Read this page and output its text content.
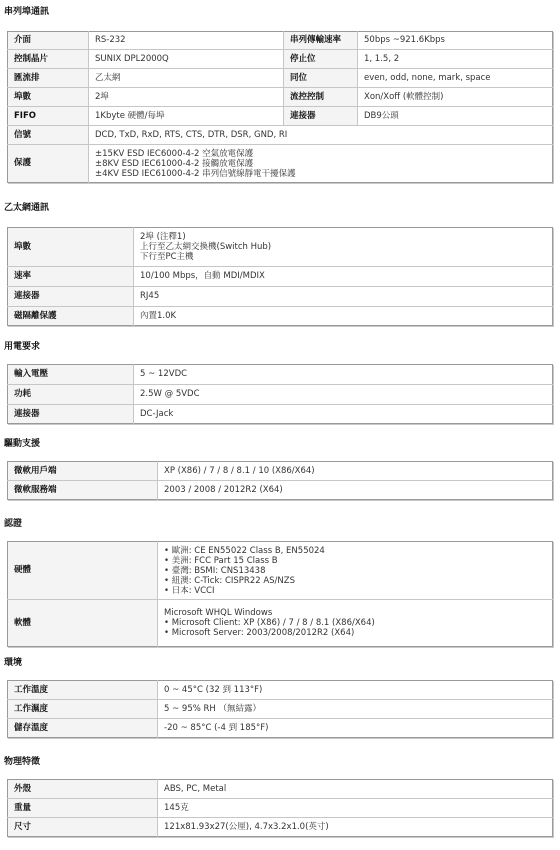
串列埠通訊
介面	RS-232	串列傳輸速率	50bps ~921.6Kbps
控制晶片	SUNIX DPL2000Q	停止位	1, 1.5, 2
匯流排	乙太網	同位	even, odd, none, mark, space
埠數	2埠	流控控制	Xon/Xoff (軟體控制)
FIFO	1Kbyte 硬體/每埠	連接器	DB9公頭
信號	DCD, TxD, RxD, RTS, CTS, DTR, DSR, GND, RI		
保護	±15KV ESD IEC6000-4-2 空氣放電保護
±8KV ESD IEC61000-4-2 接觸放電保護
±4KV ESD IEC61000-4-2 串列信號線靜電干擾保護		
乙太網通訊
埠數	2埠 (注釋1)
上行至乙太網交換機(Switch Hub)
下行至PC主機

速率	10/100 Mbps，自動 MDI/MDIX
連接器	RJ45
磁隔離保護	內置1.0K
用電要求
輸入電壓	5 ~ 12VDC
功耗	2.5W @ 5VDC
連接器	DC-Jack
驅動支援
微軟用戶端	XP (X86) / 7 / 8 / 8.1 / 10 (X86/X64)
微軟服務端	2003 / 2008 / 2012R2 (X64)
認證
硬體	• 歐洲: CE EN55022 Class B, EN55024
• 美洲: FCC Part 15 Class B
• 臺灣: BSMI: CNS13438
• 紐澳: C-Tick: CISPR22 AS/NZS
• 日本: VCCI

軟體	Microsoft WHQL Windows
• Microsoft Client: XP (X86) / 7 / 8 / 8.1 (X86/X64)
• Microsoft Server: 2003/2008/2012R2 (X64)
環境
工作溫度	0 ~ 45°C (32 到 113°F)
工作濕度	5 ~ 95% RH （無結露）
儲存溫度	-20 ~ 85°C (-4 到 185°F)
物理特徵
外殼	ABS, PC, Metal
重量	145克
尺寸	121x81.93x27(公厘), 4.7x3.2x1.0(英寸)
